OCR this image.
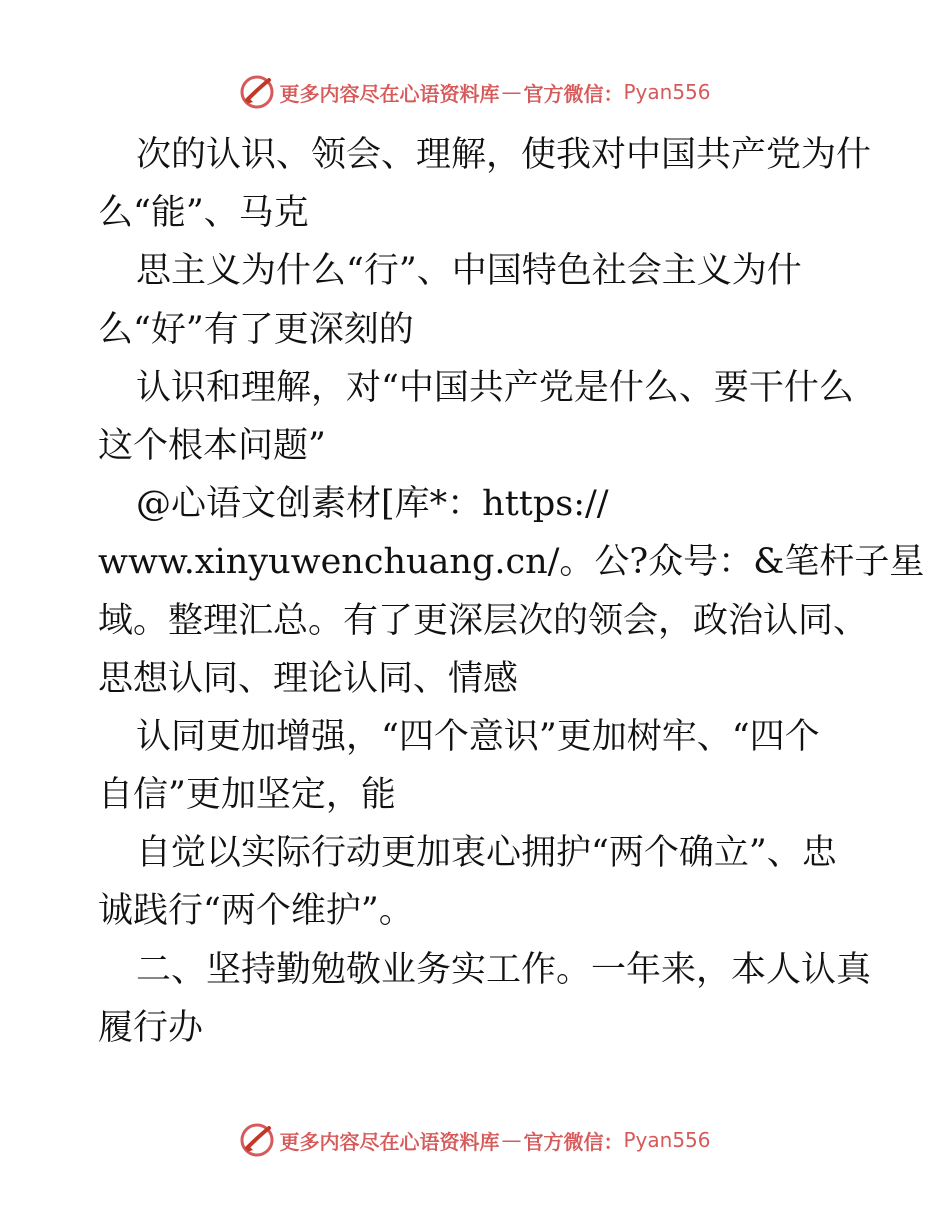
更多内容尽在心语资料库 — 官方微信： Pyan556
次的认识、领会、理解，使我对中国共产党为什
么“能”、马克
思主义为什么“行”、中国特色社会主义为什
么“好”有了更深刻的
认识和理解，对“中国共产党是什么、要干什么
这个根本问题”
@心语文创素材[库*：https://
www.xinyuwenchuang.cn/。公?众号：&笔杆子星
域。整理汇总。有了更深层次的领会，政治认同、
思想认同、理论认同、情感
认同更加增强，“四个意识”更加树牢、“四个
自信”更加坚定，能
自觉以实际行动更加衷心拥护“两个确立”、忠
诚践行“两个维护”。
二、坚持勤勉敬业务实工作。一年来，本人认真
履行办
更多内容尽在心语资料库 — 官方微信： Pyan556
